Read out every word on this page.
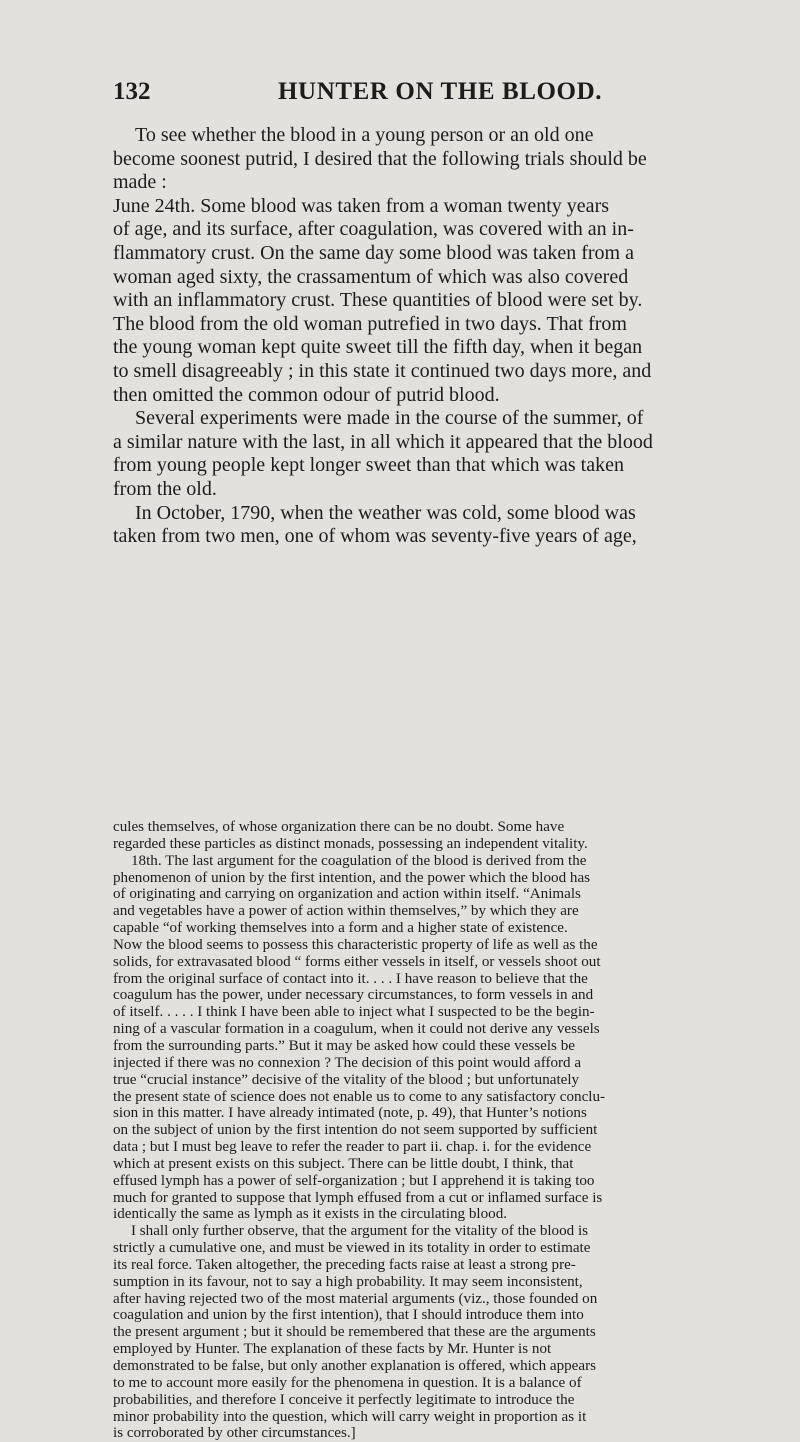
132	HUNTER ON THE BLOOD.
To see whether the blood in a young person or an old one
become soonest putrid, I desired that the following trials should be
made :
June 24th. Some blood was taken from a woman twenty years
of age, and its surface, after coagulation, was covered with an in-
flammatory crust. On the same day some blood was taken from a
woman aged sixty, the crassamentum of which was also covered
with an inflammatory crust. These quantities of blood were set by.
The blood from the old woman putrefied in two days. That from
the young woman kept quite sweet till the fifth day, when it began
to smell disagreeably ; in this state it continued two days more, and
then omitted the common odour of putrid blood.
Several experiments were made in the course of the summer, of
a similar nature with the last, in all which it appeared that the blood
from young people kept longer sweet than that which was taken
from the old.
In October, 1790, when the weather was cold, some blood was
taken from two men, one of whom was seventy-five years of age,
cules themselves, of whose organization there can be no doubt. Some have
regarded these particles as distinct monads, possessing an independent vitality.
18th. The last argument for the coagulation of the blood is derived from the
phenomenon of union by the first intention, and the power which the blood has
of originating and carrying on organization and action within itself. “Animals
and vegetables have a power of action within themselves,” by which they are
capable “of working themselves into a form and a higher state of existence.
Now the blood seems to possess this characteristic property of life as well as the
solids, for extravasated blood “ forms either vessels in itself, or vessels shoot out
from the original surface of contact into it. . . . I have reason to believe that the
coagulum has the power, under necessary circumstances, to form vessels in and
of itself. . . . . I think I have been able to inject what I suspected to be the begin-
ning of a vascular formation in a coagulum, when it could not derive any vessels
from the surrounding parts.” But it may be asked how could these vessels be
injected if there was no connexion ? The decision of this point would afford a
true “crucial instance” decisive of the vitality of the blood ; but unfortunately
the present state of science does not enable us to come to any satisfactory conclu-
sion in this matter. I have already intimated (note, p. 49), that Hunter’s notions
on the subject of union by the first intention do not seem supported by sufficient
data ; but I must beg leave to refer the reader to part ii. chap. i. for the evidence
which at present exists on this subject. There can be little doubt, I think, that
effused lymph has a power of self-organization ; but I apprehend it is taking too
much for granted to suppose that lymph effused from a cut or inflamed surface is
identically the same as lymph as it exists in the circulating blood.
I shall only further observe, that the argument for the vitality of the blood is
strictly a cumulative one, and must be viewed in its totality in order to estimate
its real force. Taken altogether, the preceding facts raise at least a strong pre-
sumption in its favour, not to say a high probability. It may seem inconsistent,
after having rejected two of the most material arguments (viz., those founded on
coagulation and union by the first intention), that I should introduce them into
the present argument ; but it should be remembered that these are the arguments
employed by Hunter. The explanation of these facts by Mr. Hunter is not
demonstrated to be false, but only another explanation is offered, which appears
to me to account more easily for the phenomena in question. It is a balance of
probabilities, and therefore I conceive it perfectly legitimate to introduce the
minor probability into the question, which will carry weight in proportion as it
is corroborated by other circumstances.]
